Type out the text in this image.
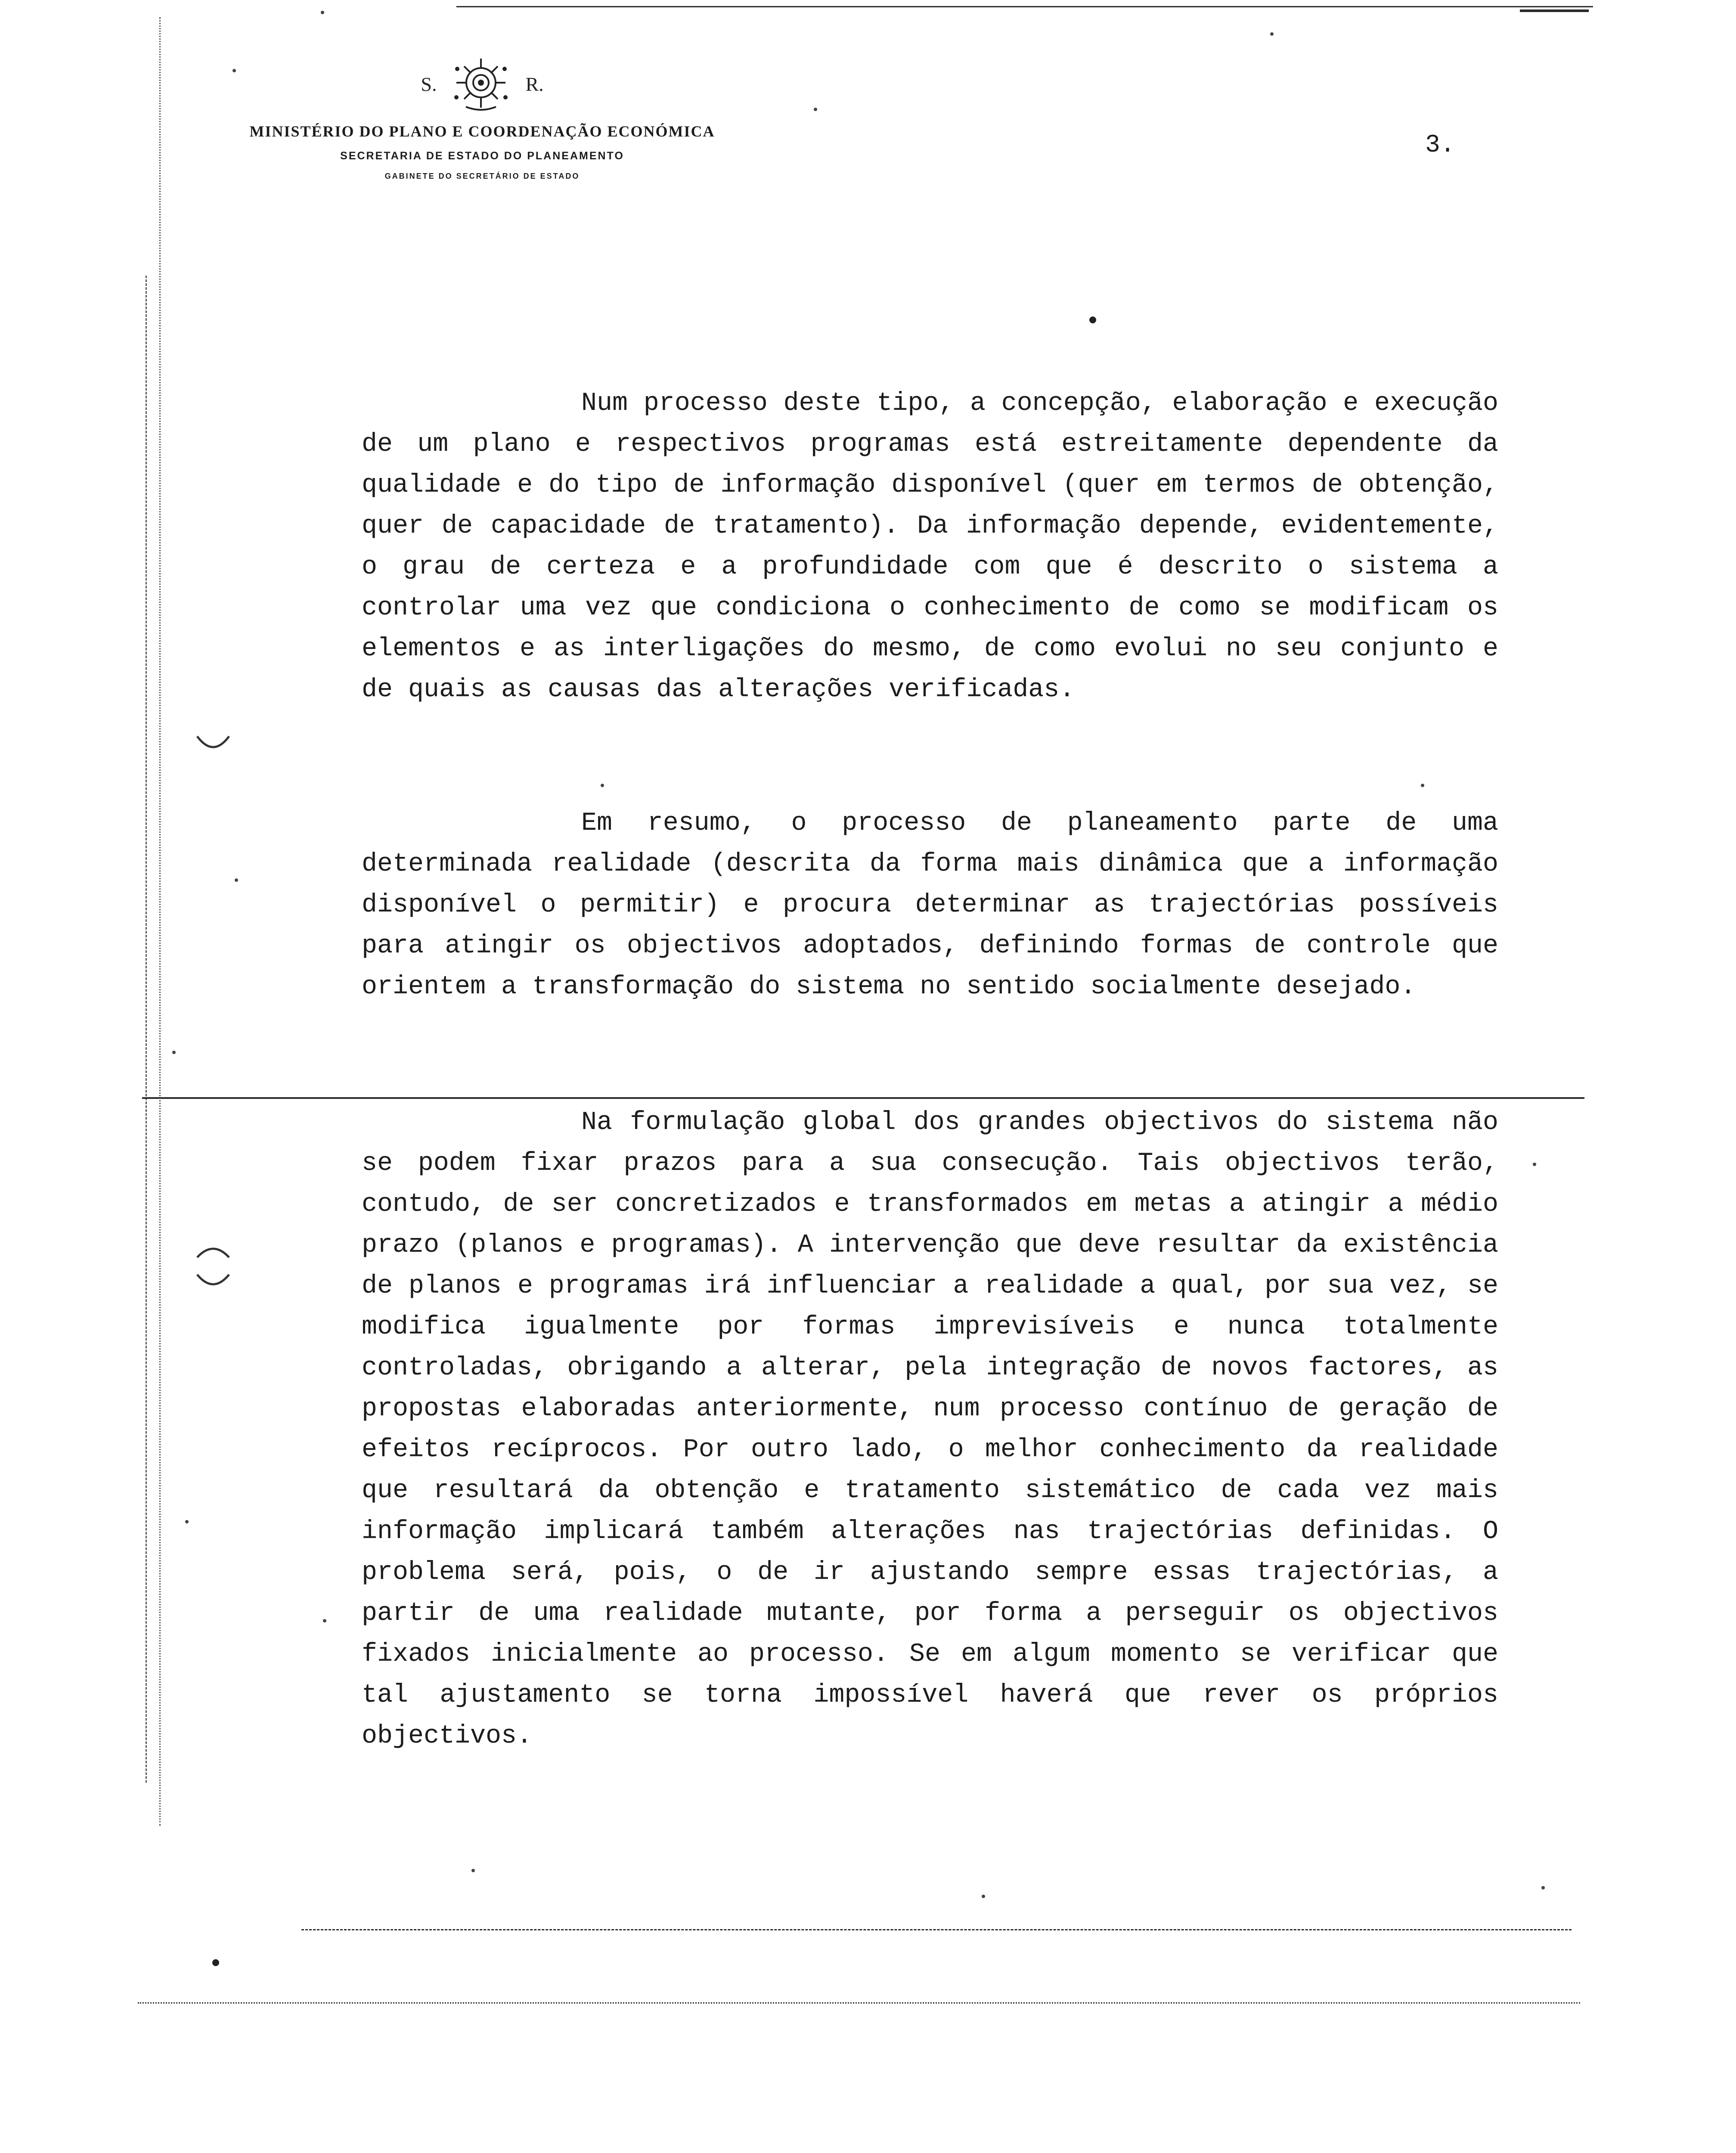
S.	R.
MINISTÉRIO DO PLANO E COORDENAÇÃO ECONÓMICA
SECRETARIA DE ESTADO DO PLANEAMENTO
GABINETE DO SECRETÁRIO DE ESTADO
3.

Num processo deste tipo, a concepção, elaboração e execução de um plano e respectivos programas está estreitamente dependente da qualidade e do tipo de informação disponível (quer em termos de obtenção, quer de capacidade de tratamento). Da informação depende, evidentemente, o grau de certeza e a profundidade com que é descrito o sistema a controlar uma vez que condiciona o conhecimento de como se modificam os elementos e as interligações do mesmo, de como evolui no seu conjunto e de quais as causas das alterações verificadas.

Em resumo, o processo de planeamento parte de uma determinada realidade (descrita da forma mais dinâmica que a informação disponível o permitir) e procura determinar as trajectórias possíveis para atingir os objectivos adoptados, definindo formas de controle que orientem a transformação do sistema no sentido socialmente desejado.

Na formulação global dos grandes objectivos do sistema não se podem fixar prazos para a sua consecução. Tais objectivos terão, contudo, de ser concretizados e transformados em metas a atingir a médio prazo (planos e programas). A intervenção que deve resultar da existência de planos e programas irá influenciar a realidade a qual, por sua vez, se modifica igualmente por formas imprevisíveis e nunca totalmente controladas, obrigando a alterar, pela integração de novos factores, as propostas elaboradas anteriormente, num processo contínuo de geração de efeitos recíprocos. Por outro lado, o melhor conhecimento da realidade que resultará da obtenção e tratamento sistemático de cada vez mais informação implicará também alterações nas trajectórias definidas. O problema será, pois, o de ir ajustando sempre essas trajectórias, a partir de uma realidade mutante, por forma a perseguir os objectivos fixados inicialmente ao processo. Se em algum momento se verificar que tal ajustamento se torna impossível haverá que rever os próprios objectivos.
